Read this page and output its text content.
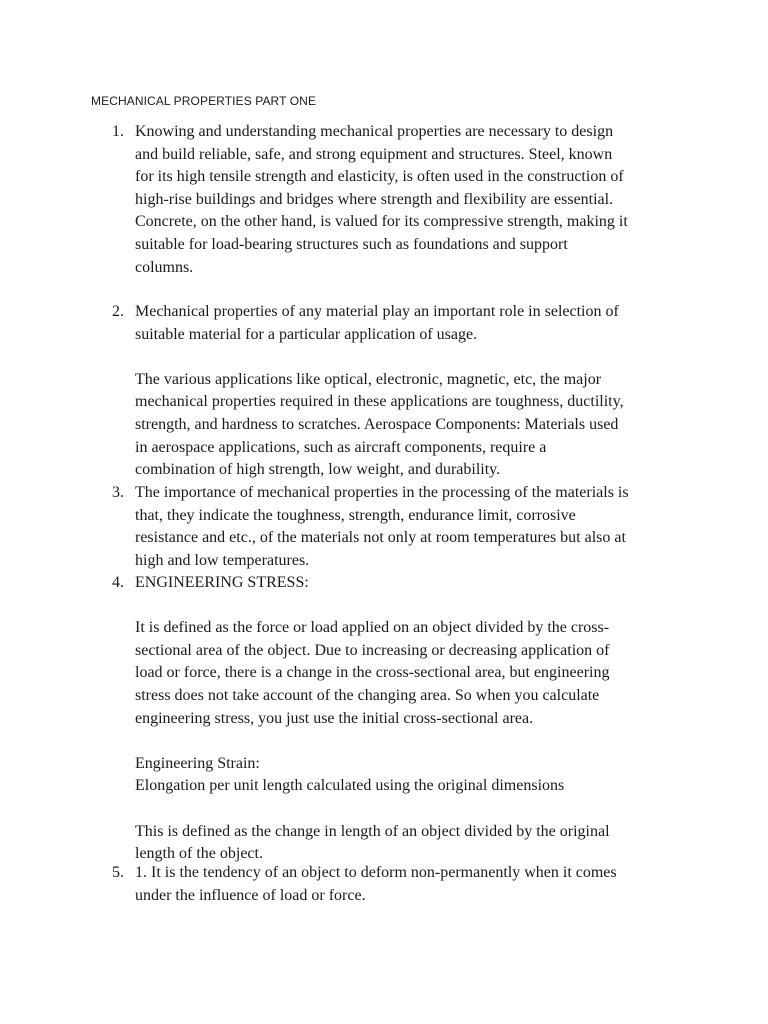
MECHANICAL PROPERTIES PART ONE
1. Knowing and understanding mechanical properties are necessary to design
and build reliable, safe, and strong equipment and structures. Steel, known
for its high tensile strength and elasticity, is often used in the construction of
high-rise buildings and bridges where strength and flexibility are essential.
Concrete, on the other hand, is valued for its compressive strength, making it
suitable for load-bearing structures such as foundations and support
columns.

2. Mechanical properties of any material play an important role in selection of
suitable material for a particular application of usage.

The various applications like optical, electronic, magnetic, etc, the major
mechanical properties required in these applications are toughness, ductility,
strength, and hardness to scratches. Aerospace Components: Materials used
in aerospace applications, such as aircraft components, require a
combination of high strength, low weight, and durability.

3. The importance of mechanical properties in the processing of the materials is
that, they indicate the toughness, strength, endurance limit, corrosive
resistance and etc., of the materials not only at room temperatures but also at
high and low temperatures.

4. ENGINEERING STRESS:

It is defined as the force or load applied on an object divided by the cross-
sectional area of the object. Due to increasing or decreasing application of
load or force, there is a change in the cross-sectional area, but engineering
stress does not take account of the changing area. So when you calculate
engineering stress, you just use the initial cross-sectional area.

Engineering Strain:
Elongation per unit length calculated using the original dimensions

This is defined as the change in length of an object divided by the original
length of the object.

5. 1. It is the tendency of an object to deform non-permanently when it comes
under the influence of load or force.
